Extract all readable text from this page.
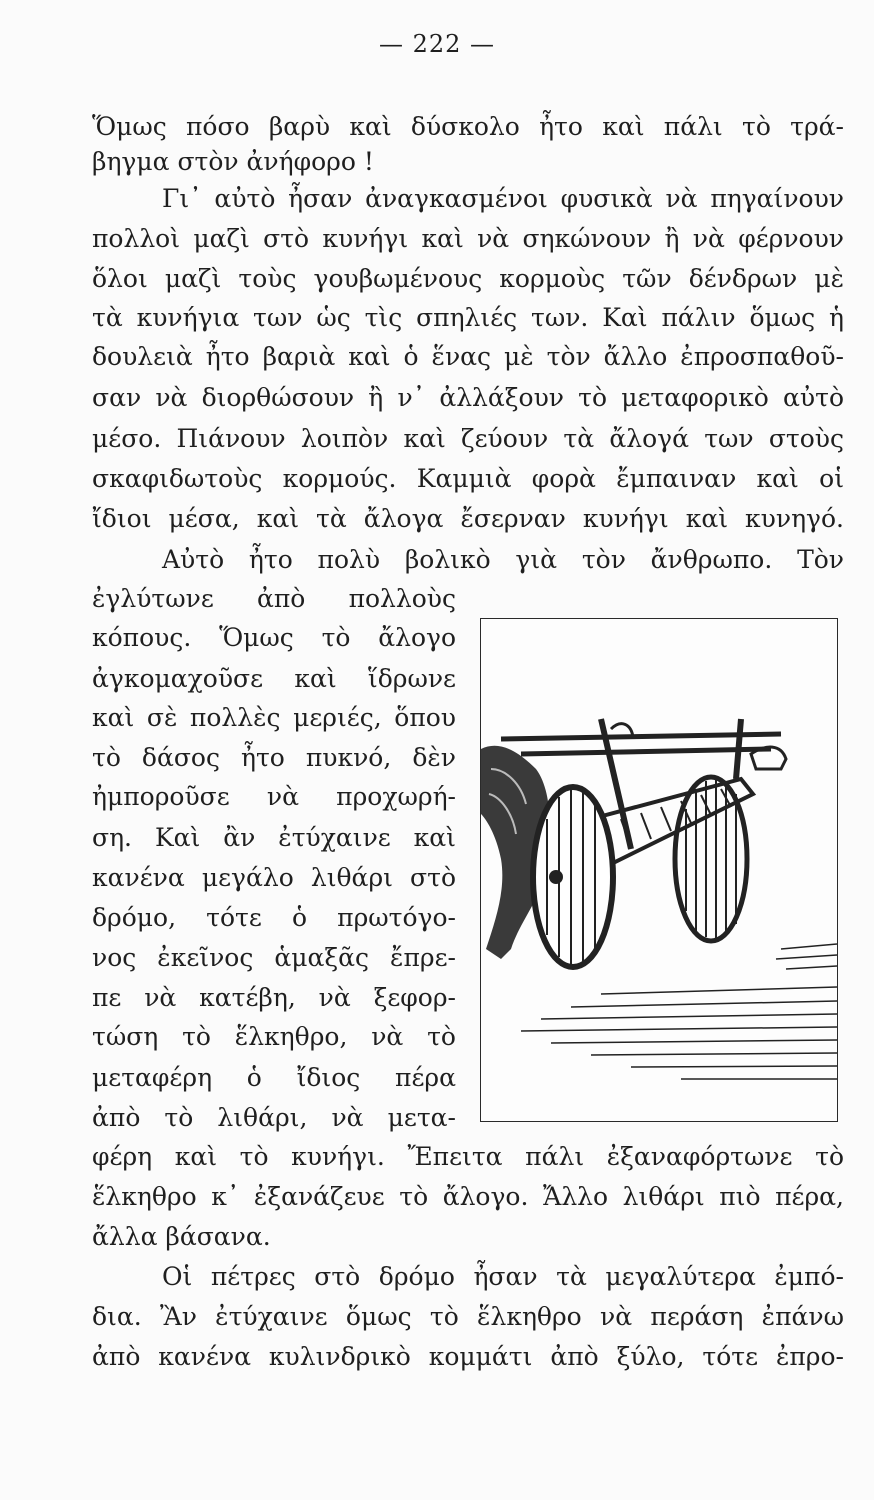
— 222 —
Ὅμως πόσο βαρὺ καὶ δύσκολο ἦτο καὶ πάλι τὸ τρά-
βηγμα στὸν ἀνήφορο !
Γι᾿ αὐτὸ ἦσαν ἀναγκασμένοι φυσικὰ νὰ πηγαίνουν
πολλοὶ μαζὶ στὸ κυνήγι καὶ νὰ σηκώνουν ἢ νὰ φέρνουν
ὅλοι μαζὶ τοὺς γουβωμένους κορμοὺς τῶν δένδρων μὲ
τὰ κυνήγια των ὡς τὶς σπηλιές των. Καὶ πάλιν ὅμως ἡ
δουλειὰ ἦτο βαριὰ καὶ ὁ ἕνας μὲ τὸν ἄλλο ἐπροσπαθοῦ-
σαν νὰ διορθώσουν ἢ ν᾿ ἀλλάξουν τὸ μεταφορικὸ αὐτὸ
μέσο. Πιάνουν λοιπὸν καὶ ζεύουν τὰ ἄλογά των στοὺς
σκαφιδωτοὺς κορμούς. Καμμιὰ φορὰ ἔμπαιναν καὶ οἱ
ἴδιοι μέσα, καὶ τὰ ἄλογα ἔσερναν κυνήγι καὶ κυνηγό.
Αὐτὸ ἦτο πολὺ βολικὸ γιὰ τὸν ἄνθρωπο. Τὸν
ἐγλύτωνε ἀπὸ πολλοὺς
κόπους. Ὅμως τὸ ἄλογο
ἀγκομαχοῦσε καὶ ἵδρωνε
καὶ σὲ πολλὲς μεριές, ὅπου
τὸ δάσος ἦτο πυκνό, δὲν
ἠμποροῦσε νὰ προχωρή-
ση. Καὶ ἂν ἐτύχαινε καὶ
κανένα μεγάλο λιθάρι στὸ
δρόμο, τότε ὁ πρωτόγο-
νος ἐκεῖνος ἁμαξᾶς ἔπρε-
πε νὰ κατέβη, νὰ ξεφορ-
τώση τὸ ἕλκηθρο, νὰ τὸ
μεταφέρη ὁ ἴδιος πέρα
ἀπὸ τὸ λιθάρι, νὰ μετα-
φέρη καὶ τὸ κυνήγι. Ἔπειτα πάλι ἐξαναφόρτωνε τὸ
ἕλκηθρο κ᾿ ἐξανάζευε τὸ ἄλογο. Ἄλλο λιθάρι πιὸ πέρα,
ἄλλα βάσανα.
Οἱ πέτρες στὸ δρόμο ἦσαν τὰ μεγαλύτερα ἐμπό-
δια. Ἂν ἐτύχαινε ὅμως τὸ ἕλκηθρο νὰ περάση ἐπάνω
ἀπὸ κανένα κυλινδρικὸ κομμάτι ἀπὸ ξύλο, τότε ἐπρο-
